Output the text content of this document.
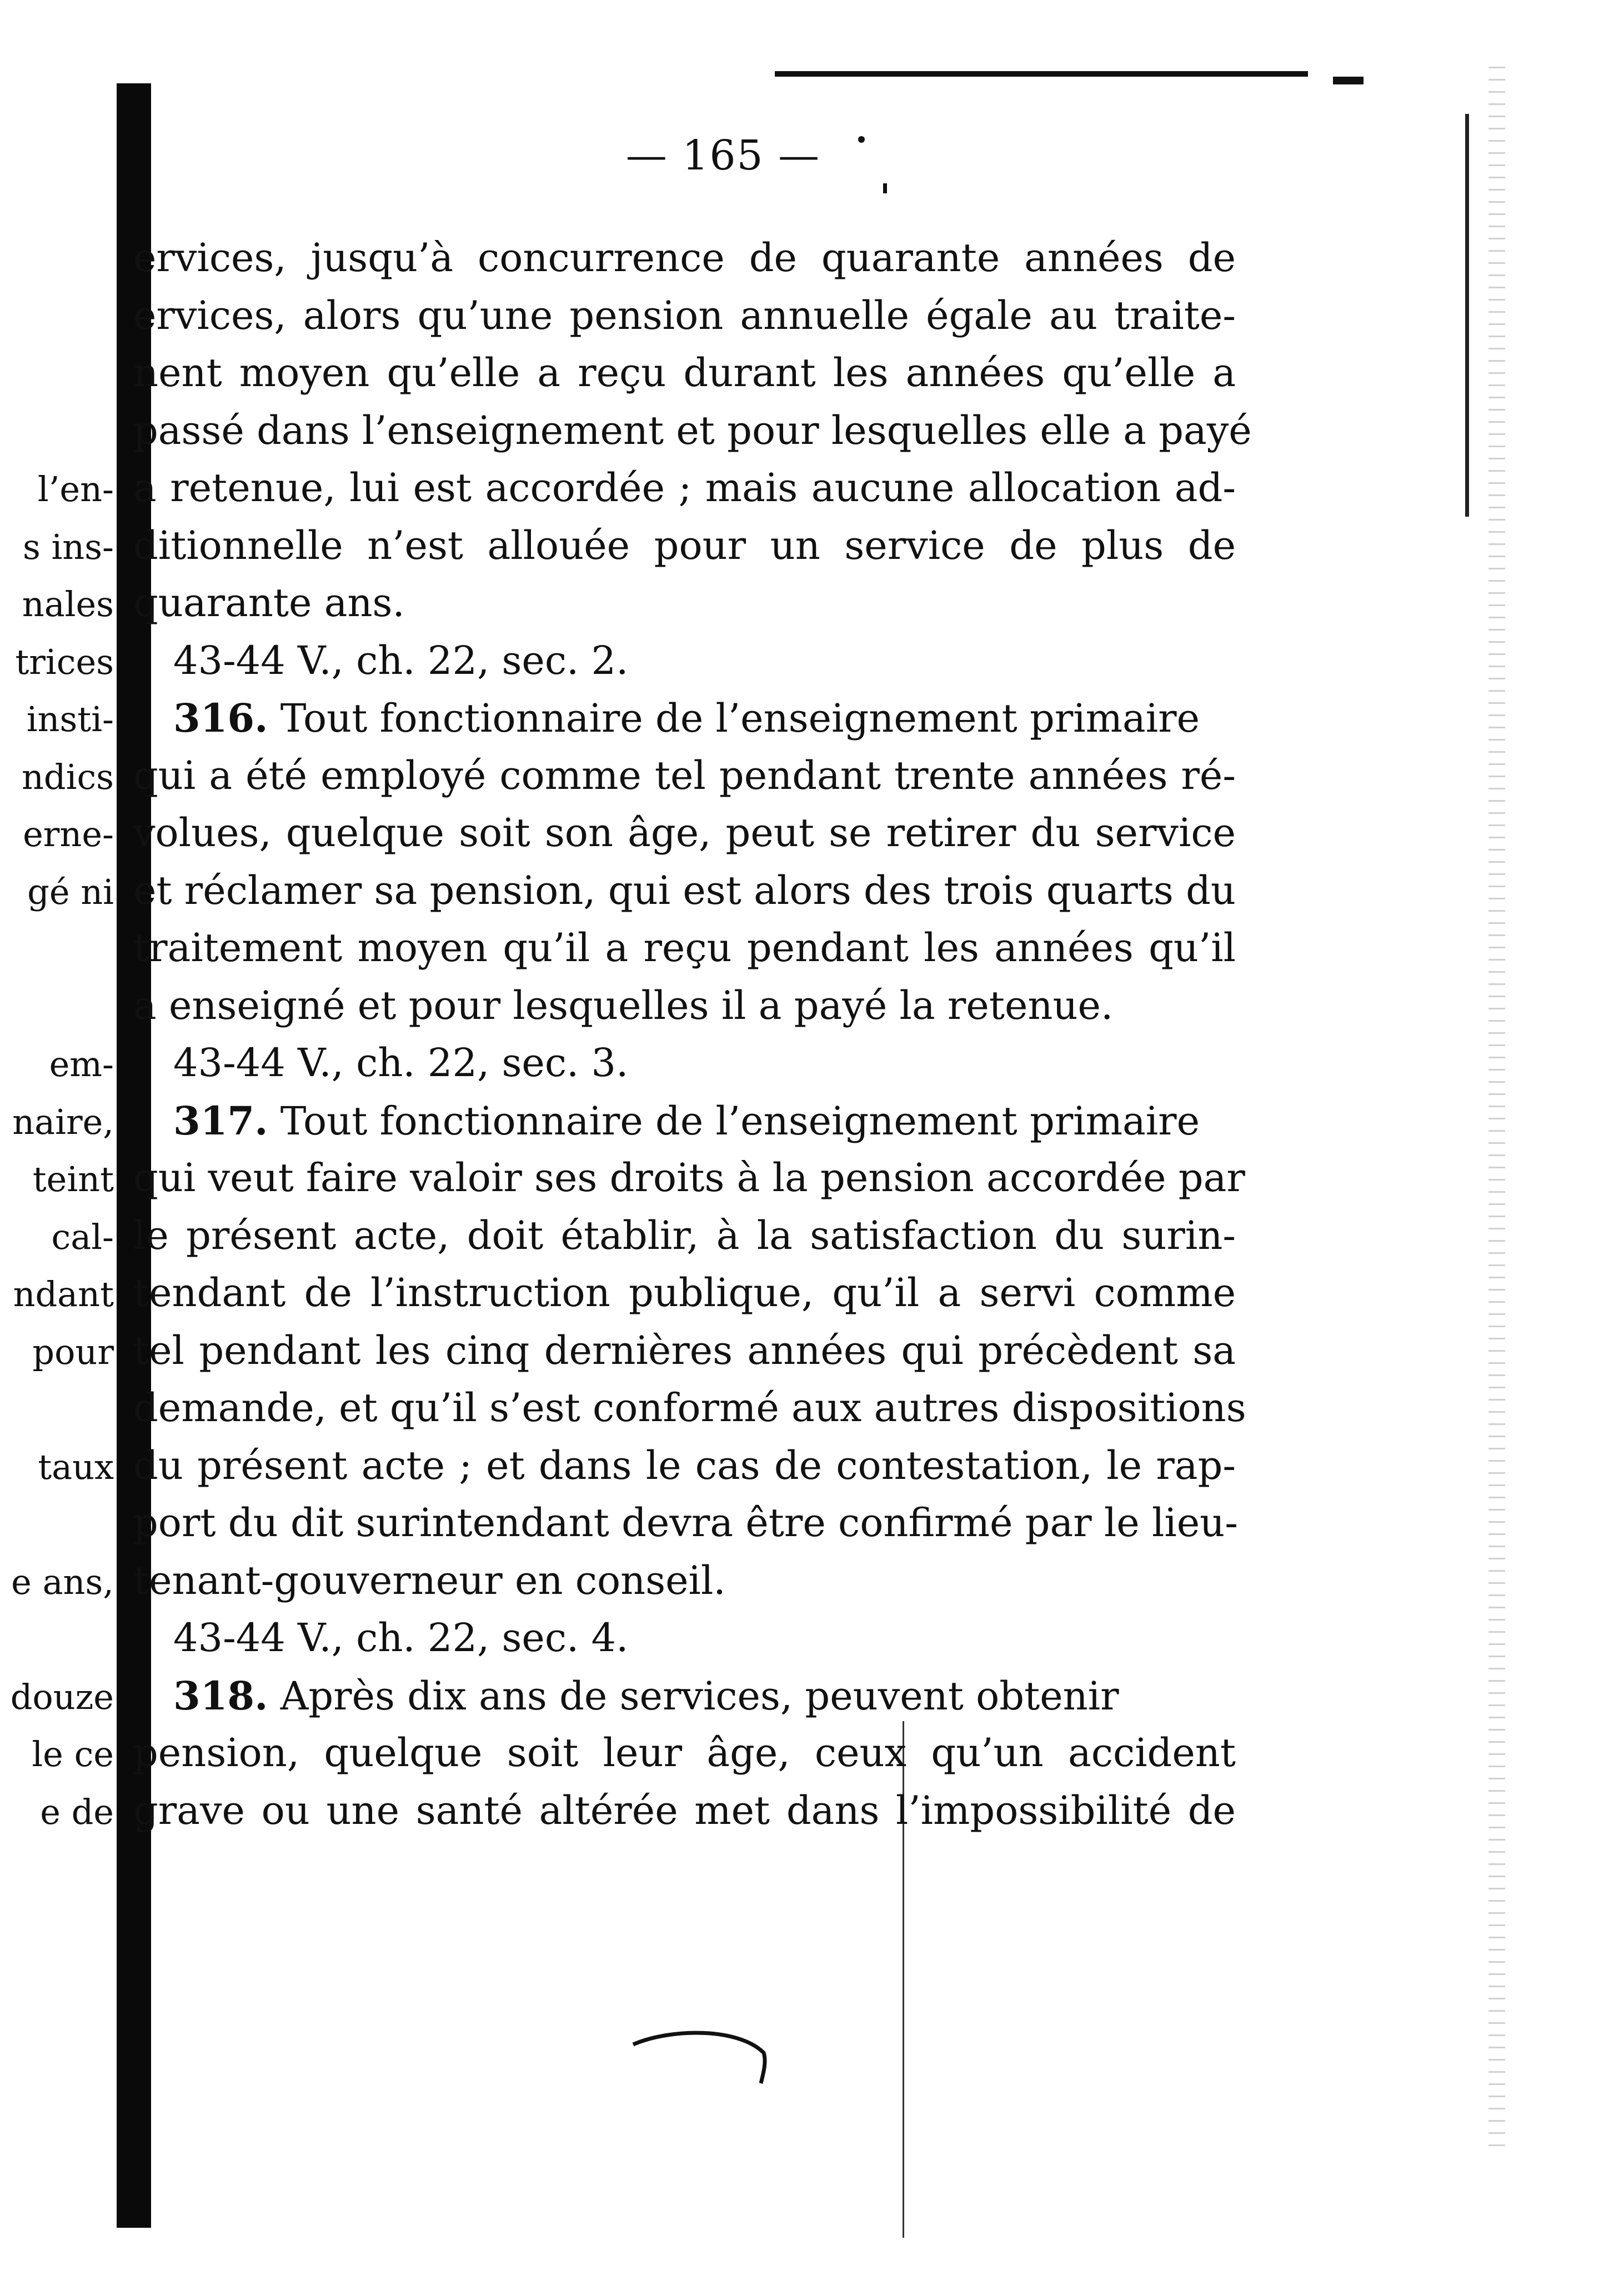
— 165 —
ervices, jusqu’à concurrence de quarante années de
ervices, alors qu’une pension annuelle égale au traite-
nent moyen qu’elle a reçu durant les années qu’elle a
passé dans l’enseignement et pour lesquelles elle a payé
a retenue, lui est accordée ; mais aucune allocation ad-
ditionnelle n’est allouée pour un service de plus de
quarante ans.
43-44 V., ch. 22, sec. 2.
316. Tout fonctionnaire de l’enseignement primaire
qui a été employé comme tel pendant trente années ré-
volues, quelque soit son âge, peut se retirer du service
et réclamer sa pension, qui est alors des trois quarts du
traitement moyen qu’il a reçu pendant les années qu’il
a enseigné et pour lesquelles il a payé la retenue.
43-44 V., ch. 22, sec. 3.
317. Tout fonctionnaire de l’enseignement primaire
qui veut faire valoir ses droits à la pension accordée par
le présent acte, doit établir, à la satisfaction du surin-
tendant de l’instruction publique, qu’il a servi comme
tel pendant les cinq dernières années qui précèdent sa
demande, et qu’il s’est conformé aux autres dispositions
du présent acte ; et dans le cas de contestation, le rap-
port du dit surintendant devra être confirmé par le lieu-
tenant-gouverneur en conseil.
43-44 V., ch. 22, sec. 4.
318. Après dix ans de services, peuvent obtenir
pension, quelque soit leur âge, ceux qu’un accident
grave ou une santé altérée met dans l’impossibilité de
l’en-
s ins-
nales
trices
insti-
ndics
erne-
gé ni
em-
naire,
teint
cal-
ndant
pour
taux
e ans,
douze
le ce
e de
